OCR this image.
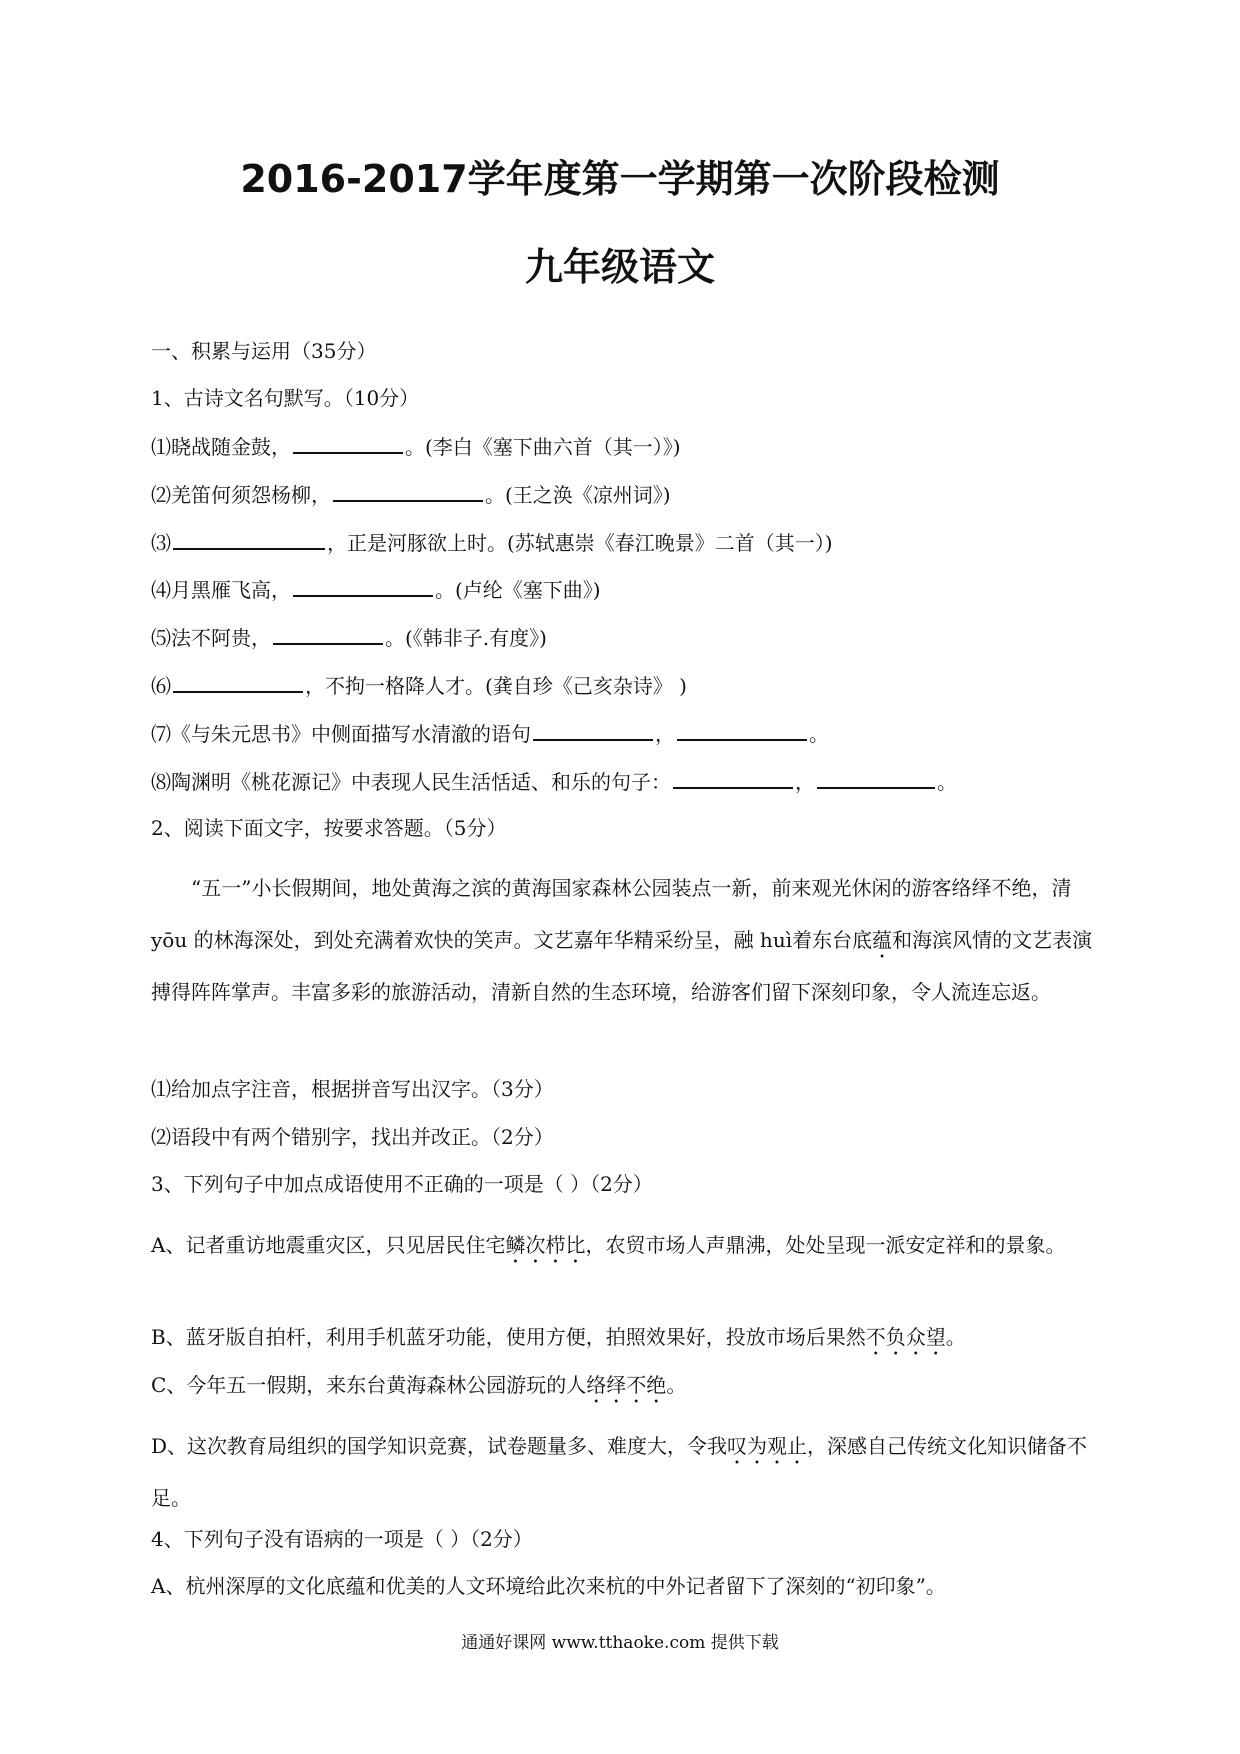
2016-2017学年度第一学期第一次阶段检测
九年级语文

一、积累与运用（35分）

1、古诗文名句默写。（10分）

⑴晓战随金鼓，	。(李白《塞下曲六首（其一）》)

⑵羌笛何须怨杨柳，	。(王之涣《凉州词》)

⑶	，正是河豚欲上时。(苏轼惠崇《春江晚景》二首（其一）)

⑷月黑雁飞高，	。(卢纶《塞下曲》)

⑸法不阿贵，	。(《韩非子.有度》)

⑹	，不拘一格降人才。(龚自珍《己亥杂诗》 )

⑺《与朱元思书》中侧面描写水清澈的语句	，	。

⑻陶渊明《桃花源记》中表现人民生活恬适、和乐的句子：	，	。

2、阅读下面文字，按要求答题。（5分）

“五一”小长假期间，地处黄海之滨的黄海国家森林公园装点一新，前来观光休闲的游客络绎不绝，清 yōu 的林海深处，到处充满着欢快的笑声。文艺嘉年华精采纷呈，融 huì着东台底蕴和海滨风情的文艺表演搏得阵阵掌声。丰富多彩的旅游活动，清新自然的生态环境，给游客们留下深刻印象，令人流连忘返。

⑴给加点字注音，根据拼音写出汉字。（3分）

⑵语段中有两个错别字，找出并改正。（2分）

3、下列句子中加点成语使用不正确的一项是（ ）（2分）

A、记者重访地震重灾区，只见居民住宅鳞次栉比，农贸市场人声鼎沸，处处呈现一派安定祥和的景象。

B、蓝牙版自拍杆，利用手机蓝牙功能，使用方便，拍照效果好，投放市场后果然不负众望。

C、今年五一假期，来东台黄海森林公园游玩的人络绎不绝。

D、这次教育局组织的国学知识竞赛，试卷题量多、难度大，令我叹为观止，深感自己传统文化知识储备不足。

4、下列句子没有语病的一项是（ ）（2分）

A、杭州深厚的文化底蕴和优美的人文环境给此次来杭的中外记者留下了深刻的“初印象”。

通通好课网 www.tthaoke.com 提供下载
